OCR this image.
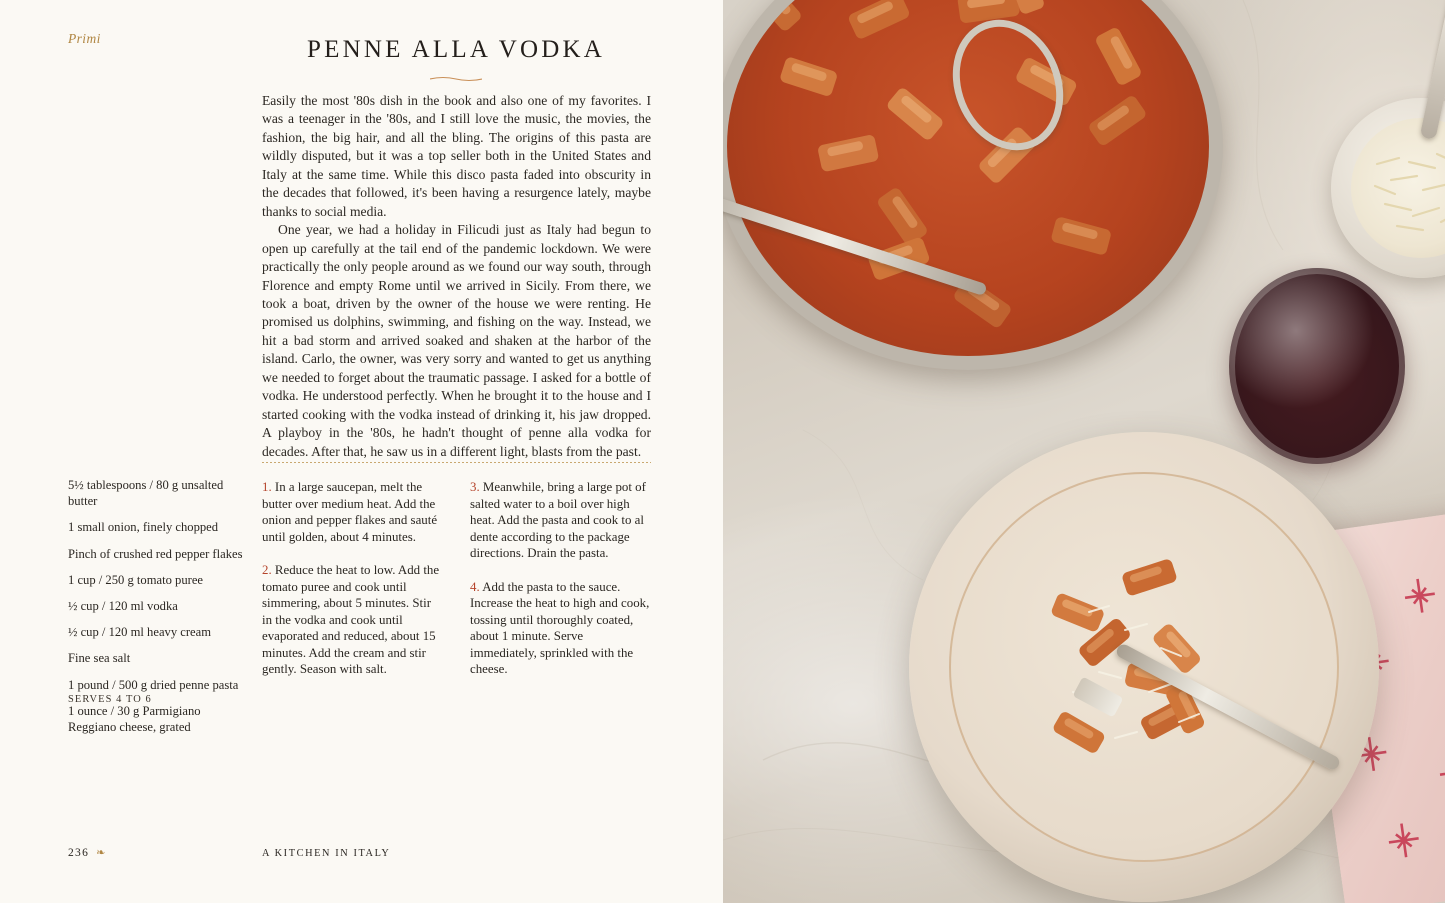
Primi	PENNE ALLA VODKA

Easily the most '80s dish in the book and also one of my favorites. I was a teenager in the '80s, and I still love the music, the movies, the fashion, the big hair, and all the bling. The origins of this pasta are wildly disputed, but it was a top seller both in the United States and Italy at the same time. While this disco pasta faded into obscurity in the decades that followed, it's been having a resurgence lately, maybe thanks to social media.

One year, we had a holiday in Filicudi just as Italy had begun to open up carefully at the tail end of the pandemic lockdown. We were practically the only people around as we found our way south, through Florence and empty Rome until we arrived in Sicily. From there, we took a boat, driven by the owner of the house we were renting. He promised us dolphins, swimming, and fishing on the way. Instead, we hit a bad storm and arrived soaked and shaken at the harbor of the island. Carlo, the owner, was very sorry and wanted to get us anything we needed to forget about the traumatic passage. I asked for a bottle of vodka. He understood perfectly. When he brought it to the house and I started cooking with the vodka instead of drinking it, his jaw dropped. A playboy in the '80s, he hadn't thought of penne alla vodka for decades. After that, he saw us in a different light, blasts from the past.

5½ tablespoons / 80 g unsalted butter
1 small onion, finely chopped
Pinch of crushed red pepper flakes
1 cup / 250 g tomato puree
½ cup / 120 ml vodka
½ cup / 120 ml heavy cream
Fine sea salt
1 pound / 500 g dried penne pasta
1 ounce / 30 g Parmigiano Reggiano cheese, grated
SERVES 4 TO 6
1. In a large saucepan, melt the butter over medium heat. Add the onion and pepper flakes and sauté until golden, about 4 minutes.
2. Reduce the heat to low. Add the tomato puree and cook until simmering, about 5 minutes. Stir in the vodka and cook until evaporated and reduced, about 15 minutes. Add the cream and stir gently. Season with salt.
3. Meanwhile, bring a large pot of salted water to a boil over high heat. Add the pasta and cook to al dente according to the package directions. Drain the pasta.
4. Add the pasta to the sauce. Increase the heat to high and cook, tossing until thoroughly coated, about 1 minute. Serve immediately, sprinkled with the cheese.
236 ❧	A KITCHEN IN ITALY
